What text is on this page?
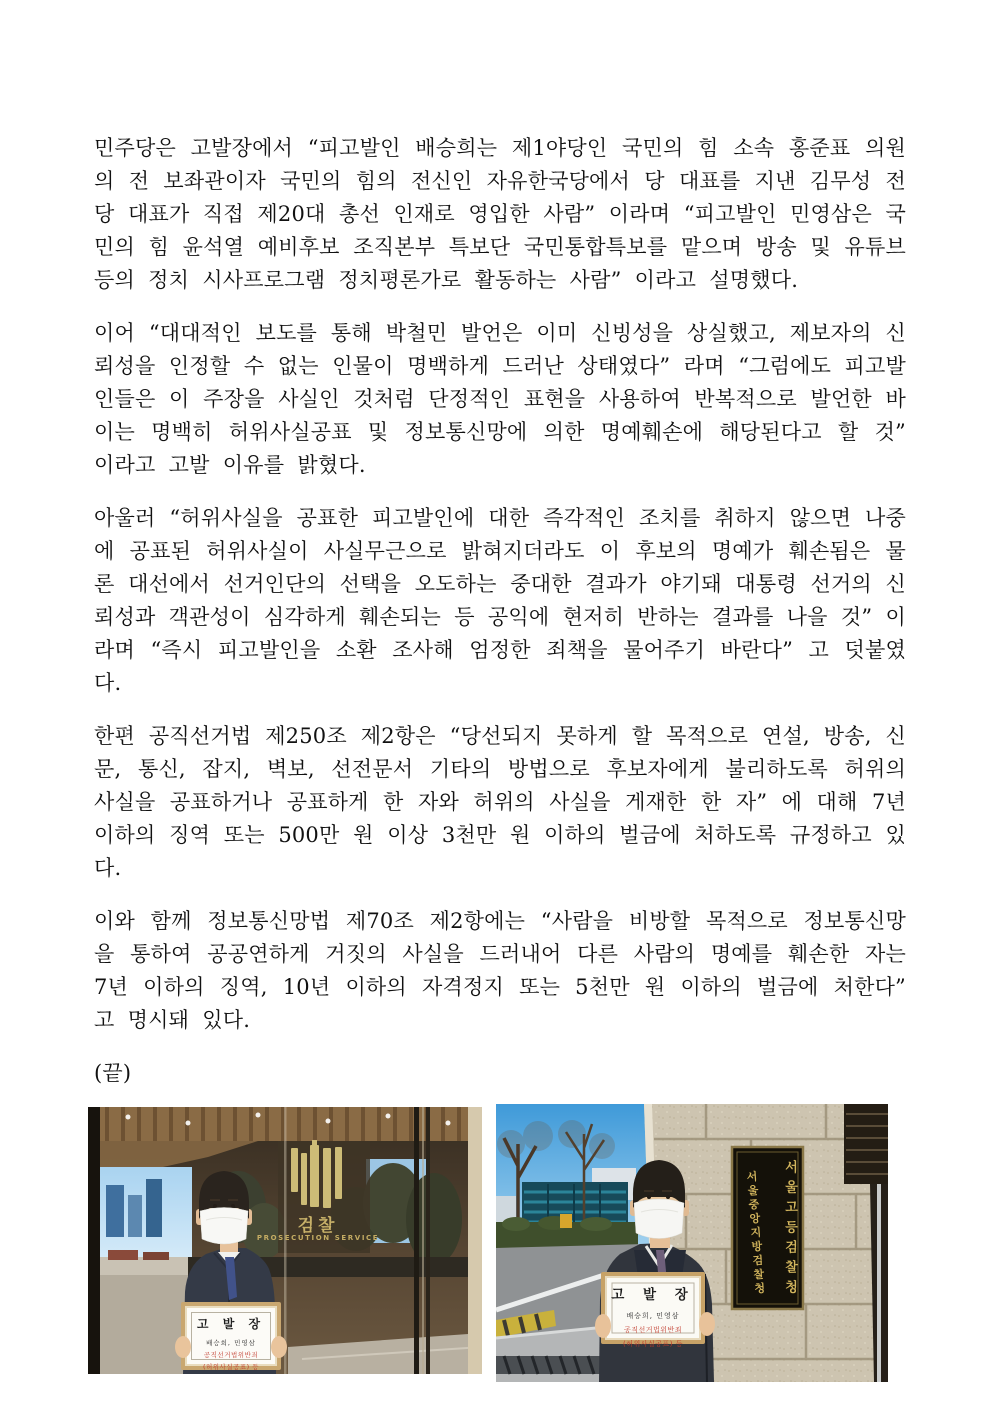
민주당은 고발장에서 “피고발인 배승희는 제1야당인 국민의 힘 소속 홍준표 의원의 전 보좌관이자 국민의 힘의 전신인 자유한국당에서 당 대표를 지낸 김무성 전 당 대표가 직접 제20대 총선 인재로 영입한 사람” 이라며 “피고발인 민영삼은 국민의 힘 윤석열 예비후보 조직본부 특보단 국민통합특보를 맡으며 방송 및 유튜브 등의 정치 시사프로그램 정치평론가로 활동하는 사람” 이라고 설명했다.

이어 “대대적인 보도를 통해 박철민 발언은 이미 신빙성을 상실했고, 제보자의 신뢰성을 인정할 수 없는 인물이 명백하게 드러난 상태였다” 라며 “그럼에도 피고발인들은 이 주장을 사실인 것처럼 단정적인 표현을 사용하여 반복적으로 발언한 바 이는 명백히 허위사실공표 및 정보통신망에 의한 명예훼손에 해당된다고 할 것” 이라고 고발 이유를 밝혔다.

아울러 “허위사실을 공표한 피고발인에 대한 즉각적인 조치를 취하지 않으면 나중에 공표된 허위사실이 사실무근으로 밝혀지더라도 이 후보의 명예가 훼손됨은 물론 대선에서 선거인단의 선택을 오도하는 중대한 결과가 야기돼 대통령 선거의 신뢰성과 객관성이 심각하게 훼손되는 등 공익에 현저히 반하는 결과를 나을 것” 이라며 “즉시 피고발인을 소환 조사해 엄정한 죄책을 물어주기 바란다” 고 덧붙였다.

한편 공직선거법 제250조 제2항은 “당선되지 못하게 할 목적으로 연설, 방송, 신문, 통신, 잡지, 벽보, 선전문서 기타의 방법으로 후보자에게 불리하도록 허위의 사실을 공표하거나 공표하게 한 자와 허위의 사실을 게재한 한 자” 에 대해 7년 이하의 징역 또는 500만 원 이상 3천만 원 이하의 벌금에 처하도록 규정하고 있다.

이와 함께 정보통신망법 제70조 제2항에는 “사람을 비방할 목적으로 정보통신망을 통하여 공공연하게 거짓의 사실을 드러내어 다른 사람의 명예를 훼손한 자는 7년 이하의 징역, 10년 이하의 자격정지 또는 5천만 원 이하의 벌금에 처한다” 고 명시돼 있다.

(끝)

검찰
PROSECUTION SERVICE
고 발 장
배승희, 민영삼
공직선거법위반죄
(허위사실공표) 등
서울중앙지방검찰청	서울고등검찰청
고 발 장
배승희, 민영삼
공직선거법위반죄
(허위사실공표) 등
